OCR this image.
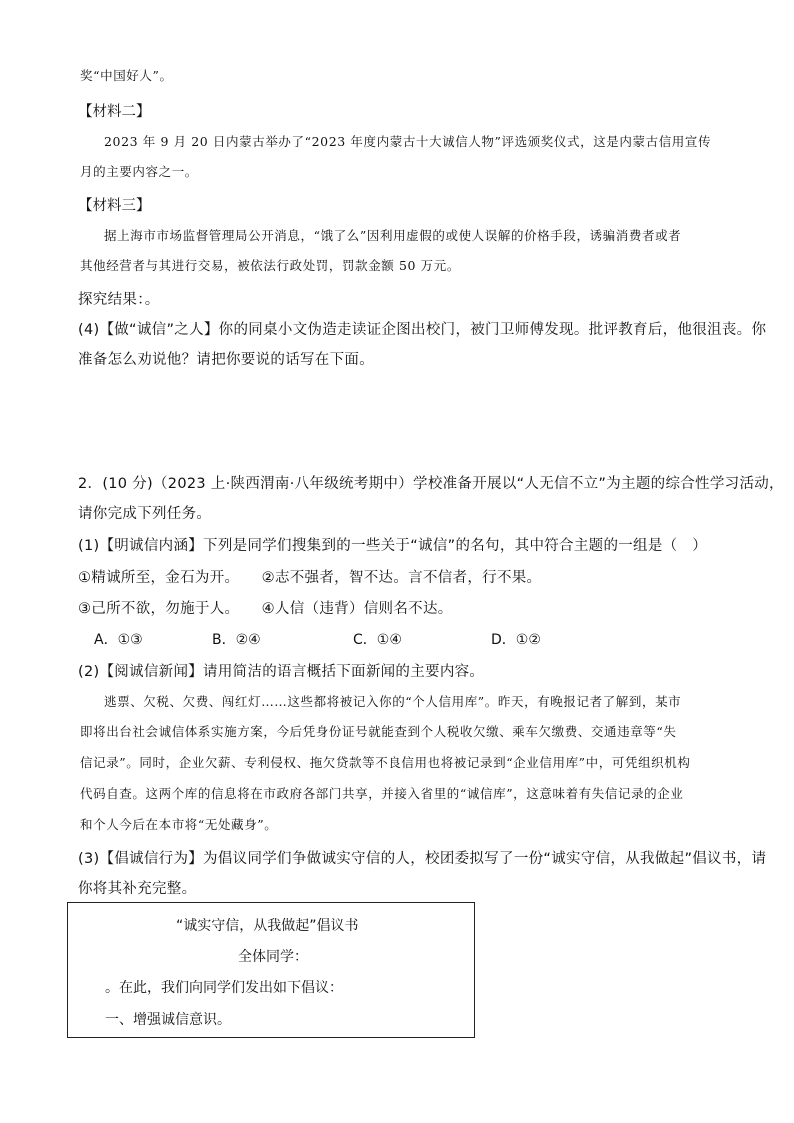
奖“中国好人”。
【材料二】
2023 年 9 月 20 日内蒙古举办了“2023 年度内蒙古十大诚信人物”评选颁奖仪式，这是内蒙古信用宣传
月的主要内容之一。
【材料三】
据上海市市场监督管理局公开消息，“饿了么”因利用虚假的或使人误解的价格手段，诱骗消费者或者
其他经营者与其进行交易，被依法行政处罚，罚款金额 50 万元。
探究结果：。
(4)【做“诚信”之人】你的同桌小文伪造走读证企图出校门，被门卫师傅发现。批评教育后，他很沮丧。你
准备怎么劝说他？请把你要说的话写在下面。
2．(10 分)（2023 上·陕西渭南·八年级统考期中）学校准备开展以“人无信不立”为主题的综合性学习活动，
请你完成下列任务。
(1)【明诚信内涵】下列是同学们搜集到的一些关于“诚信”的名句，其中符合主题的一组是（　）
①精诚所至，金石为开。　　②志不强者，智不达。言不信者，行不果。
③己所不欲，勿施于人。　　④人信（违背）信则名不达。
A．①③	B．②④	C．①④	D．①②
(2)【阅诚信新闻】请用简洁的语言概括下面新闻的主要内容。
逃票、欠税、欠费、闯红灯……这些都将被记入你的“个人信用库”。昨天，有晚报记者了解到，某市
即将出台社会诚信体系实施方案，今后凭身份证号就能查到个人税收欠缴、乘车欠缴费、交通违章等“失
信记录”。同时，企业欠薪、专利侵权、拖欠贷款等不良信用也将被记录到“企业信用库”中，可凭组织机构
代码自查。这两个库的信息将在市政府各部门共享，并接入省里的“诚信库”，这意味着有失信记录的企业
和个人今后在本市将“无处藏身”。
(3)【倡诚信行为】为倡议同学们争做诚实守信的人，校团委拟写了一份“诚实守信，从我做起”倡议书，请
你将其补充完整。
“诚实守信，从我做起”倡议书
全体同学：
。在此，我们向同学们发出如下倡议：
一、增强诚信意识。
